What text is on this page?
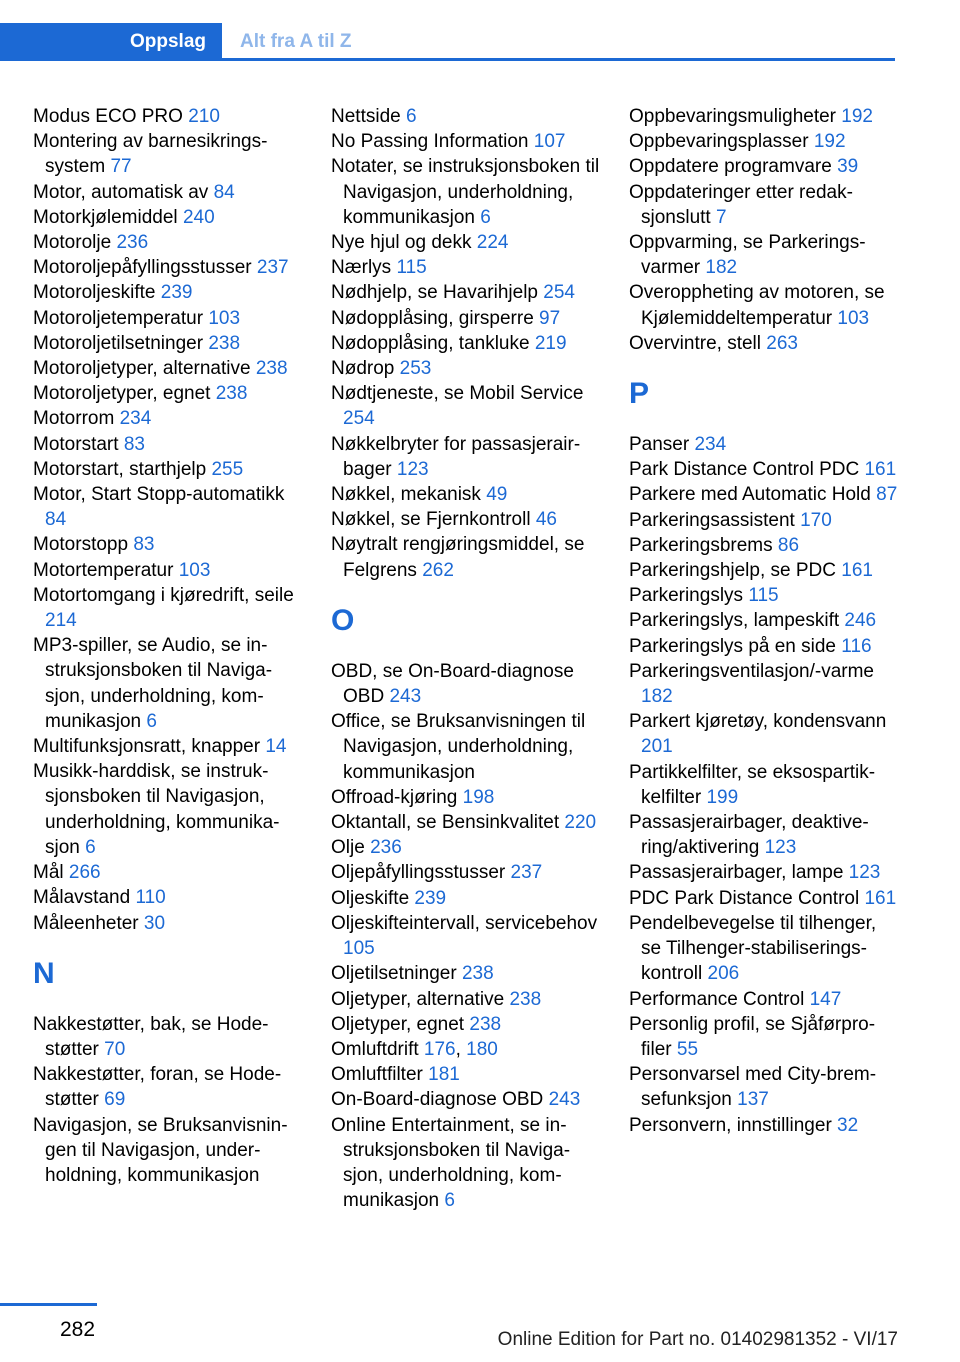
Oppslag	Alt fra A til Z
Modus ECO PRO 210
Montering av barnesikringssystem 77
Motor, automatisk av 84
Motorkjølemiddel 240
Motorolje 236
Motoroljepåfyllingsstusser 237
Motoroljeskifte 239
Motoroljetemperatur 103
Motoroljetilsetninger 238
Motoroljetyper, alternative 238
Motoroljetyper, egnet 238
Motorrom 234
Motorstart 83
Motorstart, starthjelp 255
Motor, Start Stopp-automatikk 84
Motorstopp 83
Motortemperatur 103
Motortomgang i kjøredrift, seile 214
MP3-spiller, se Audio, se instruksjonsboken til Navigasjon, underholdning, kommunikasjon 6
Multifunksjonsratt, knapper 14
Musikk-harddisk, se instruksjonsboken til Navigasjon, underholdning, kommunikasjon 6
Mål 266
Målavstand 110
Måleenheter 30
N
Nakkestøtter, bak, se Hodestøtter 70
Nakkestøtter, foran, se Hodestøtter 69
Navigasjon, se Bruksanvisningen til Navigasjon, underholdning, kommunikasjon
Nettside 6
No Passing Information 107
Notater, se instruksjonsboken til Navigasjon, underholdning, kommunikasjon 6
Nye hjul og dekk 224
Nærlys 115
Nødhjelp, se Havarihjelp 254
Nødopplåsing, girsperre 97
Nødopplåsing, tankluke 219
Nødrop 253
Nødtjeneste, se Mobil Service 254
Nøkkelbryter for passasjerairbager 123
Nøkkel, mekanisk 49
Nøkkel, se Fjernkontroll 46
Nøytralt rengjøringsmiddel, se Felgrens 262
O
OBD, se On-Board-diagnose OBD 243
Office, se Bruksanvisningen til Navigasjon, underholdning, kommunikasjon
Offroad-kjøring 198
Oktantall, se Bensinkvalitet 220
Olje 236
Oljepåfyllingsstusser 237
Oljeskifte 239
Oljeskifteintervall, servicebehov 105
Oljetilsetninger 238
Oljetyper, alternative 238
Oljetyper, egnet 238
Omluftdrift 176, 180
Omluftfilter 181
On-Board-diagnose OBD 243
Online Entertainment, se instruksjonsboken til Navigasjon, underholdning, kommunikasjon 6
Oppbevaringsmuligheter 192
Oppbevaringsplasser 192
Oppdatere programvare 39
Oppdateringer etter redaksjonslutt 7
Oppvarming, se Parkeringsvarmer 182
Overoppheting av motoren, se Kjølemiddeltemperatur 103
Overvintre, stell 263
P
Panser 234
Park Distance Control PDC 161
Parkere med Automatic Hold 87
Parkeringsassistent 170
Parkeringsbrems 86
Parkeringshjelp, se PDC 161
Parkeringslys 115
Parkeringslys, lampeskift 246
Parkeringslys på en side 116
Parkeringsventilasjon/-varme 182
Parkert kjøretøy, kondensvann 201
Partikkelfilter, se eksospartikkelfilter 199
Passasjerairbager, deaktivering/aktivering 123
Passasjerairbager, lampe 123
PDC Park Distance Control 161
Pendelbevegelse til tilhenger, se Tilhenger-stabiliseringskontroll 206
Performance Control 147
Personlig profil, se Sjåførprofiler 55
Personvarsel med City-bremsefunksjon 137
Personvern, innstillinger 32
282	Online Edition for Part no. 01402981352 - VI/17
